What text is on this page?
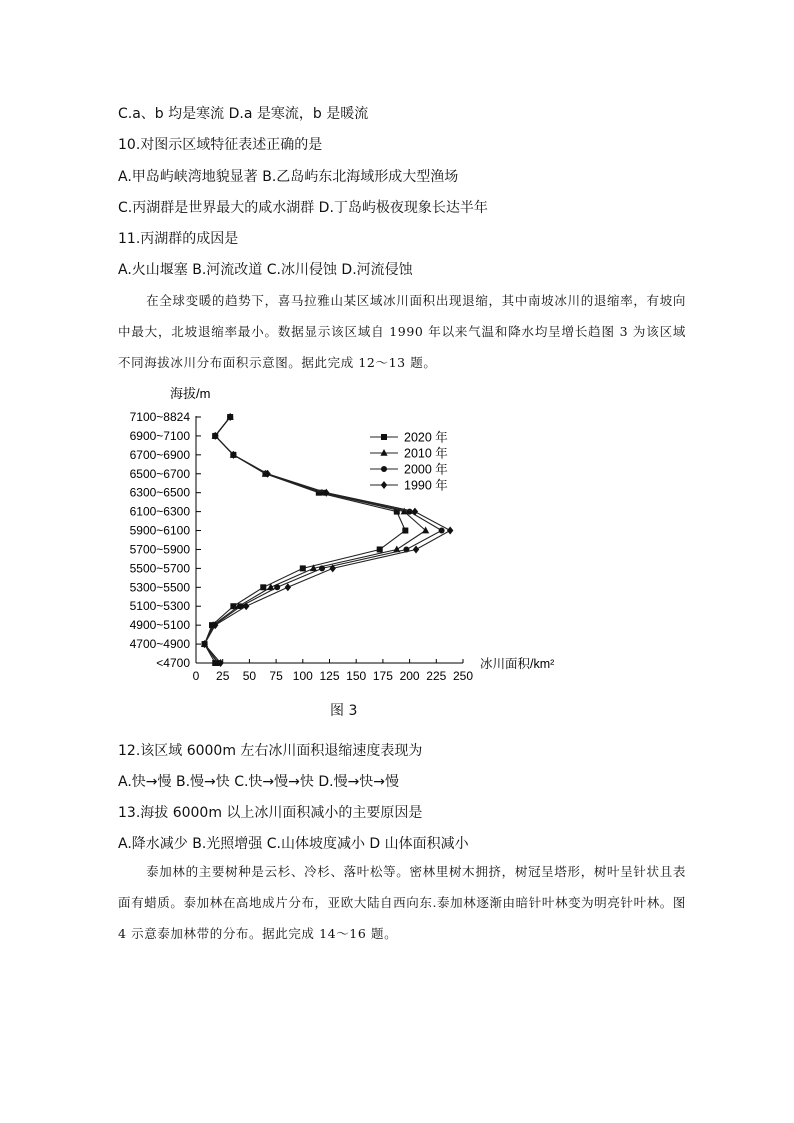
C.a、b 均是寒流 D.a 是寒流，b 是暖流
10.对图示区域特征表述正确的是
A.甲岛屿峡湾地貌显著 B.乙岛屿东北海域形成大型渔场
C.丙湖群是世界最大的咸水湖群 D.丁岛屿极夜现象长达半年
11.丙湖群的成因是
A.火山堰塞 B.河流改道 C.冰川侵蚀 D.河流侵蚀
在全球变暖的趋势下，喜马拉雅山某区域冰川面积出现退缩，其中南坡冰川的退缩率，有坡向中最大，北坡退缩率最小。数据显示该区域自 1990 年以来气温和降水均呈增长趋图 3 为该区域不同海拔冰川分布面积示意图。据此完成 12～13 题。
海拔/m
冰川面积/km²
<4700
4700~4900
4900~5100
5100~5300
5300~5500
5500~5700
5700~5900
5900~6100
6100~6300
6300~6500
6500~6700
6700~6900
6900~7100
7100~8824
0 25 50 75 100 125 150 175 200 225 250
2020 年
2010 年
2000 年
1990 年
图 3
12.该区域 6000m 左右冰川面积退缩速度表现为
A.快→慢 B.慢→快 C.快→慢→快 D.慢→快→慢
13.海拔 6000m 以上冰川面积减小的主要原因是
A.降水减少 B.光照增强 C.山体坡度减小 D 山体面积减小
泰加林的主要树种是云杉、冷杉、落叶松等。密林里树木拥挤，树冠呈塔形，树叶呈针状且表面有蜡质。泰加林在高地成片分布，亚欧大陆自西向东.泰加林逐渐由暗针叶林变为明亮针叶林。图 4 示意泰加林带的分布。据此完成 14～16 题。
